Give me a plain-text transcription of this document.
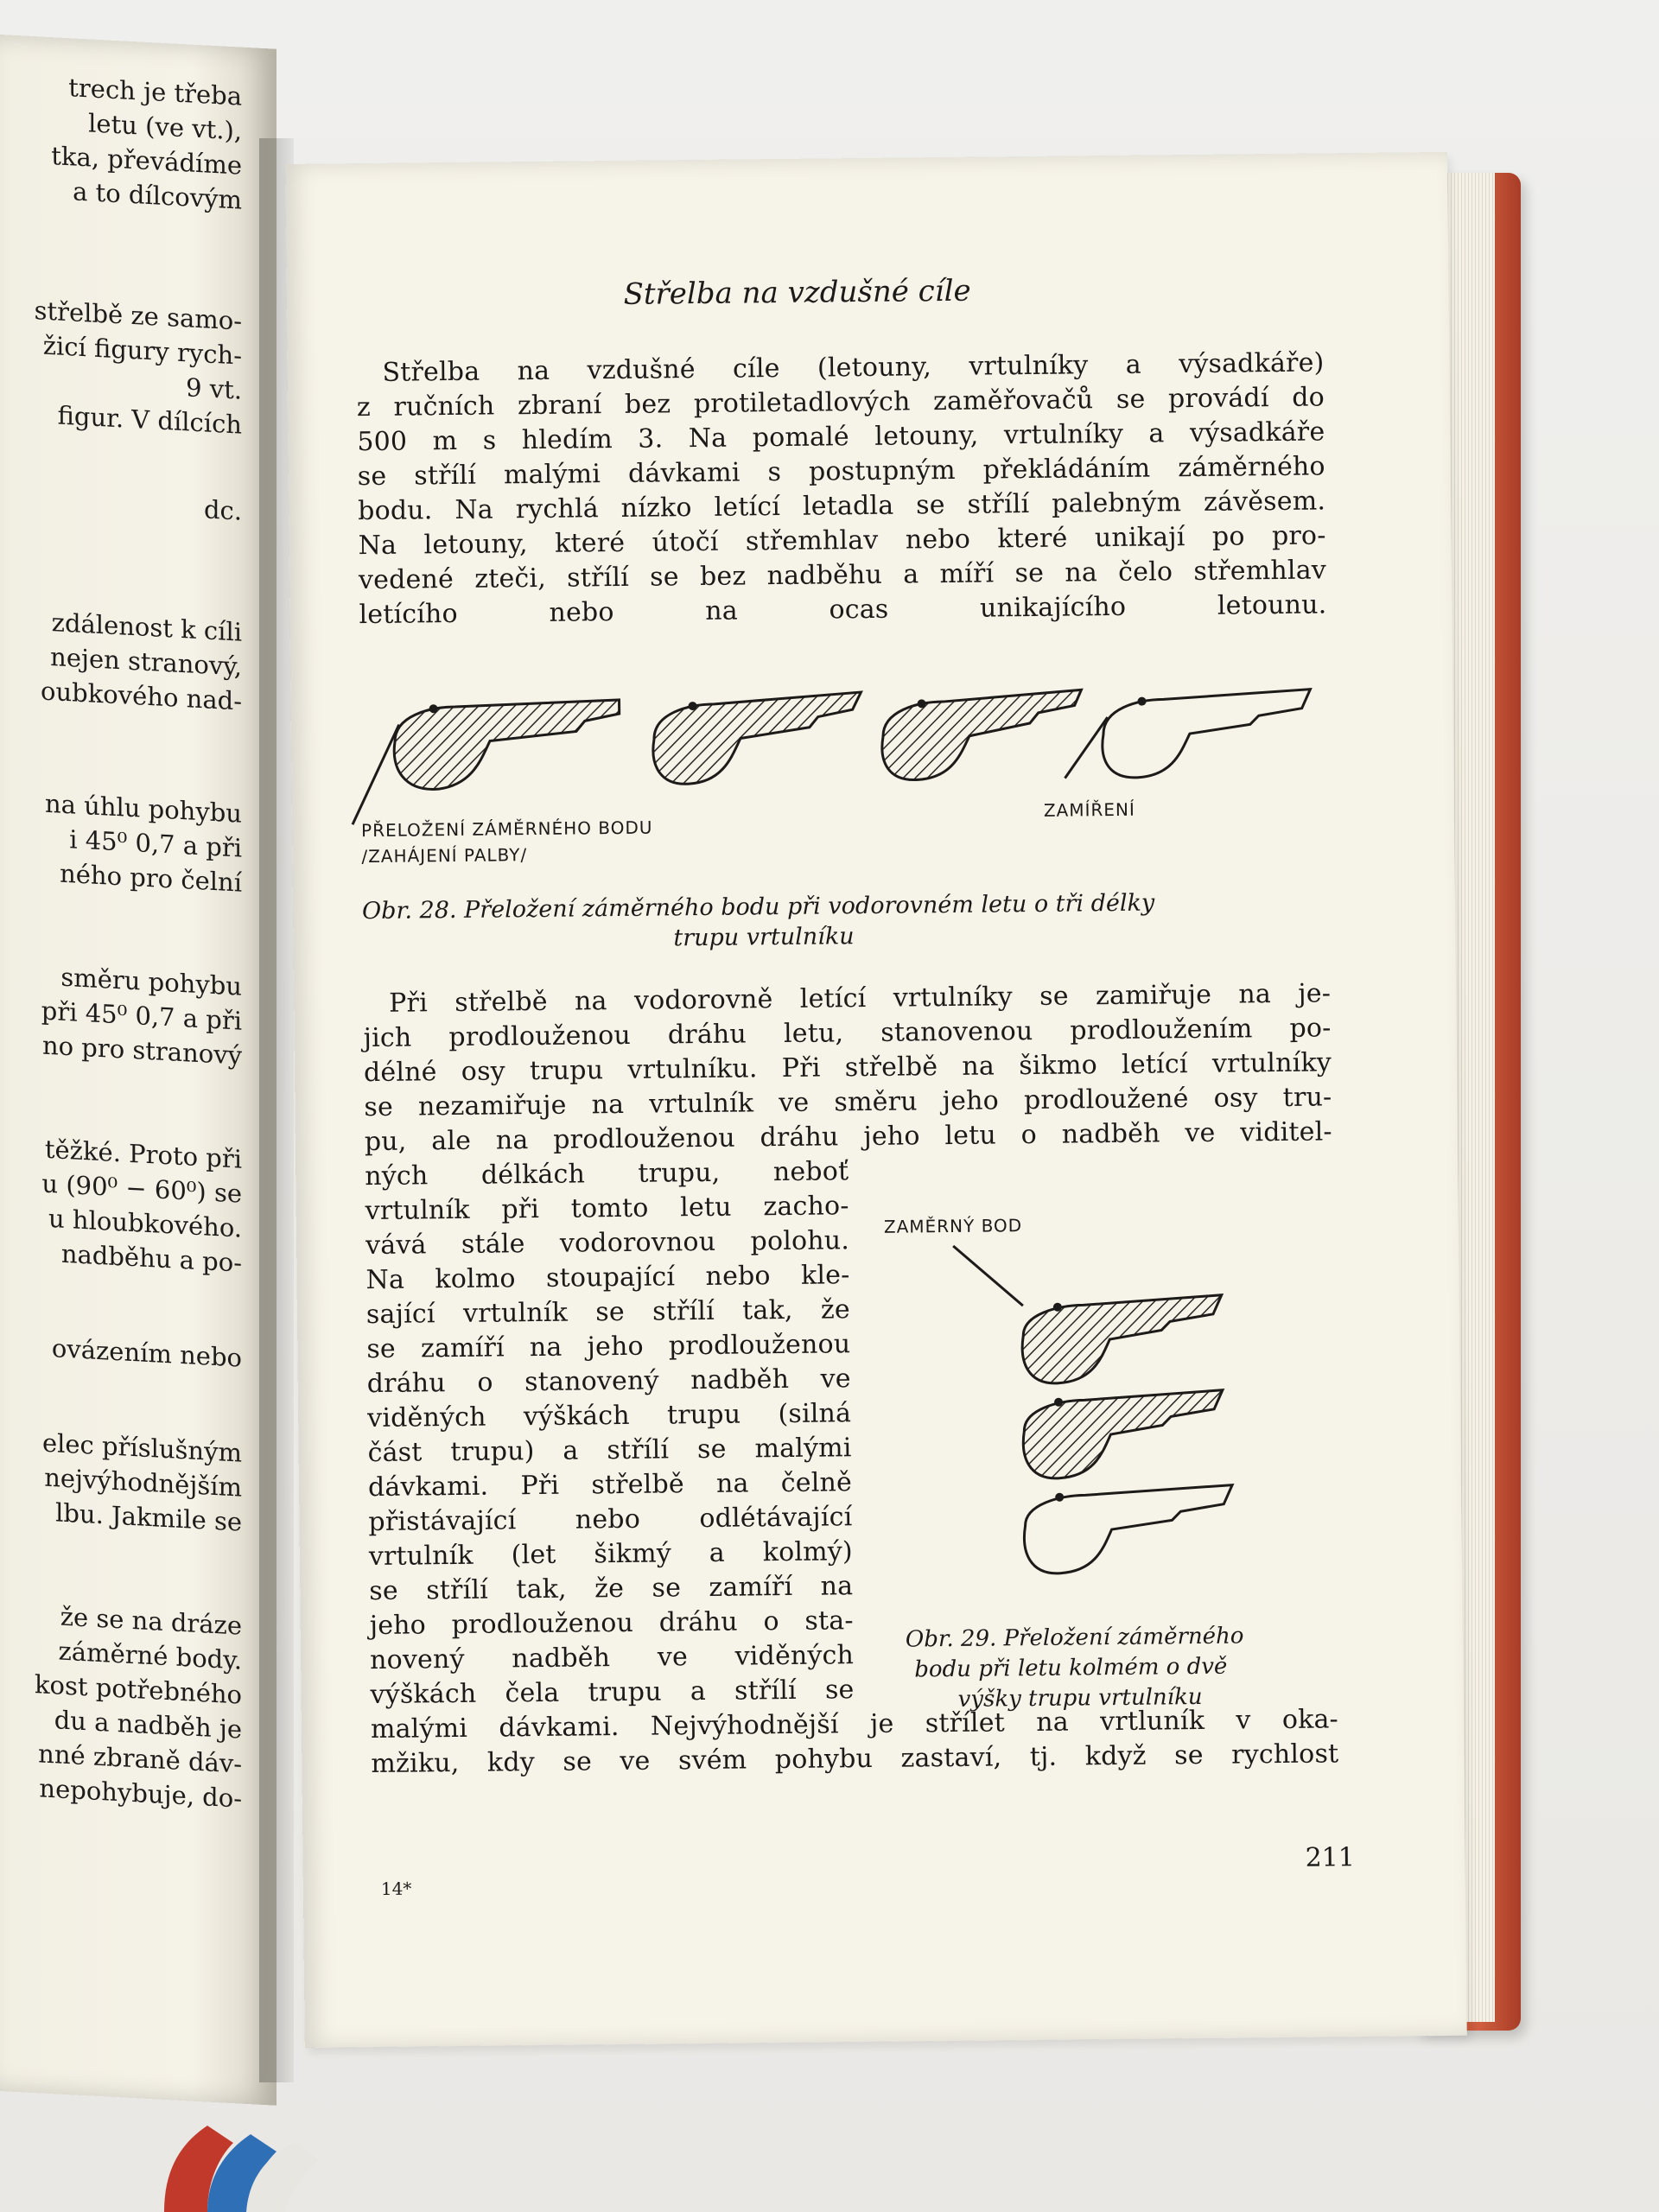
trech je třeba
letu (ve vt.),
tka, převádíme
a to dílcovým
střelbě ze samo-
žicí figury rych-
9 vt.
figur. V dílcích
dc.
zdálenost k cíli
nejen stranový,
oubkového nad-
na úhlu pohybu
i 45⁰ 0,7 a při
ného pro čelní
směru pohybu
při 45⁰ 0,7 a při
no pro stranový
těžké. Proto při
u (90⁰ − 60⁰) se
u hloubkového.
nadběhu a po-
ovázením nebo
elec příslušným
nejvýhodnějším
lbu. Jakmile se
že se na dráze
záměrné body.
kost potřebného
du a nadběh je
nné zbraně dáv-
nepohybuje, do-
Střelba na vzdušné cíle
Střelba na vzdušné cíle (letouny, vrtulníky a výsadkáře)
z ručních zbraní bez protiletadlových zaměřovačů se provádí do
500 m s hledím 3. Na pomalé letouny, vrtulníky a výsadkáře
se střílí malými dávkami s postupným překládáním záměrného
bodu. Na rychlá nízko letící letadla se střílí palebným závěsem.
Na letouny, které útočí střemhlav nebo které unikají po pro-
vedené zteči, střílí se bez nadběhu a míří se na čelo střemhlav
letícího nebo na ocas unikajícího letounu.
PŘELOŽENÍ ZÁMĚRNÉHO BODU
/ZAHÁJENÍ PALBY/
ZAMÍŘENÍ
Obr. 28. Přeložení záměrného bodu při vodorovném letu o tři délky
trupu vrtulníku
Při střelbě na vodorovně letící vrtulníky se zamiřuje na je-
jich prodlouženou dráhu letu, stanovenou prodloužením po-
délné osy trupu vrtulníku. Při střelbě na šikmo letící vrtulníky
se nezamiřuje na vrtulník ve směru jeho prodloužené osy tru-
pu, ale na prodlouženou dráhu jeho letu o nadběh ve viditel-
ných délkách trupu, neboť
vrtulník při tomto letu zacho-
vává stále vodorovnou polohu.
Na kolmo stoupající nebo kle-
sající vrtulník se střílí tak, že
se zamíří na jeho prodlouženou
dráhu o stanovený nadběh ve
viděných výškách trupu (silná
část trupu) a střílí se malými
dávkami. Při střelbě na čelně
přistávající nebo odlétávající
vrtulník (let šikmý a kolmý)
se střílí tak, že se zamíří na
jeho prodlouženou dráhu o sta-
novený nadběh ve viděných
výškách čela trupu a střílí se
malými dávkami. Nejvýhodnější je střílet na vrtluník v oka-
mžiku, kdy se ve svém pohybu zastaví, tj. když se rychlost
ZAMĚRNÝ BOD
Obr. 29. Přeložení záměrného
bodu při letu kolmém o dvě
výšky trupu vrtulníku
14*
211
